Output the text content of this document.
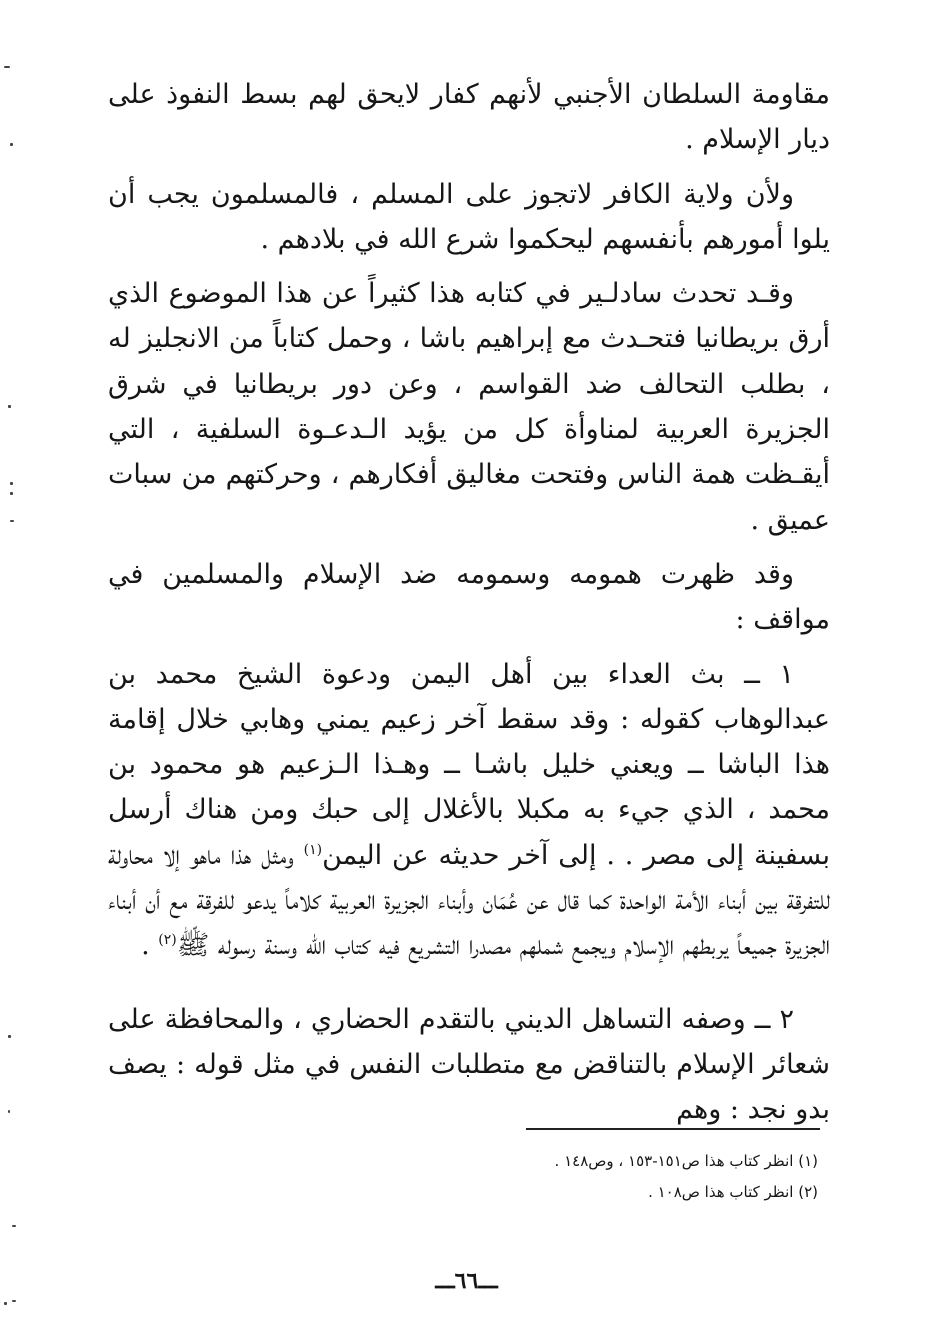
مقاومة السلطان الأجنبي لأنهم كفار لايحق لهم بسط النفوذ على ديار الإسلام .

ولأن ولاية الكافر لاتجوز على المسلم ، فالمسلمون يجب أن يلوا أمورهم بأنفسهم ليحكموا شرع الله في بلادهم .

وقـد تحدث سادلـير في كتابه هذا كثيراً عن هذا الموضوع الذي أرق بريطانيا فتحـدث مع إبراهيم باشا ، وحمل كتاباً من الانجليز له ، بطلب التحالف ضد القواسم ، وعن دور بريطانيا في شرق الجزيرة العربية لمناوأة كل من يؤيد الـدعـوة السلفية ، التي أيقـظت همة الناس وفتحت مغاليق أفكارهم ، وحركتهم من سبات عميق .

وقد ظهرت همومه وسمومه ضد الإسلام والمسلمين في مواقف :

١ ــ بث العداء بين أهل اليمن ودعوة الشيخ محمد بن عبدالوهاب كقوله : وقد سقط آخر زعيم يمني وهابي خلال إقامة هذا الباشا ــ ويعني خليل باشـا ــ وهـذا الـزعيم هو محمود بن محمد ، الذي جيء به مكبلا بالأغلال إلى حبك ومن هناك أرسل بسفينة إلى مصر . . إلى آخر حديثه عن اليمن$^{(١)}$ ومثل هذا ماهو إلا محاولة للتفرقة بين أبناء الأمة الواحدة كما قال عن عُمَان وأبناء الجزيرة العربية كلاماً يدعو للفرقة مع أن أبناء الجزيرة جميعاً يربطهم الإسلام ويجمع شملهم مصدرا التشريع فيه كتاب الله وسنة رسوله ﷺ$^{(٢)}$ .

٢ ــ وصفه التساهل الديني بالتقدم الحضاري ، والمحافظة على شعائر الإسلام بالتناقض مع متطلبات النفس في مثل قوله : يصف بدو نجد : وهم

(١) انظر كتاب هذا ص١٥١-١٥٣ ، وص١٤٨ .
(٢) انظر كتاب هذا ص١٠٨ .
ـــ٦٦ـــ
